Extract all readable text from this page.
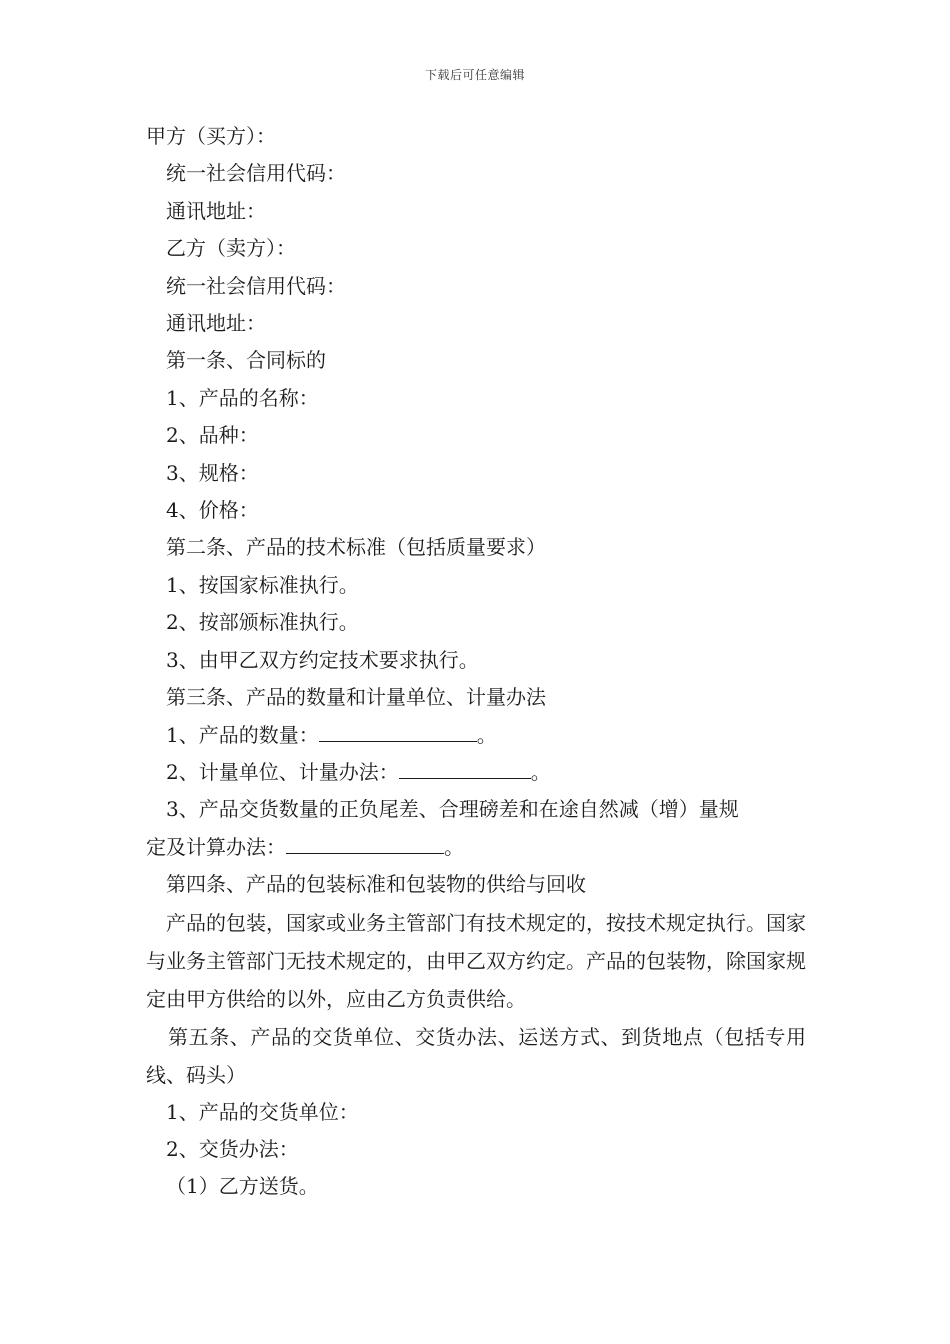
下载后可任意编辑

甲方（买方）：

统一社会信用代码：

通讯地址：

乙方（卖方）：

统一社会信用代码：

通讯地址：

第一条、合同标的

1、产品的名称：

2、品种：

3、规格：

4、价格：

第二条、产品的技术标准（包括质量要求）

1、按国家标准执行。

2、按部颁标准执行。

3、由甲乙双方约定技术要求执行。

第三条、产品的数量和计量单位、计量办法

1、产品的数量：	。

2、计量单位、计量办法：	。

3、产品交货数量的正负尾差、合理磅差和在途自然减（增）量规

定及计算办法：	。

第四条、产品的包装标准和包装物的供给与回收

产品的包装，国家或业务主管部门有技术规定的，按技术规定执行。国家与业务主管部门无技术规定的，由甲乙双方约定。产品的包装物，除国家规定由甲方供给的以外，应由乙方负责供给。

第五条、产品的交货单位、交货办法、运送方式、到货地点（包括专用线、码头）

1、产品的交货单位：

2、交货办法：

（1）乙方送货。
